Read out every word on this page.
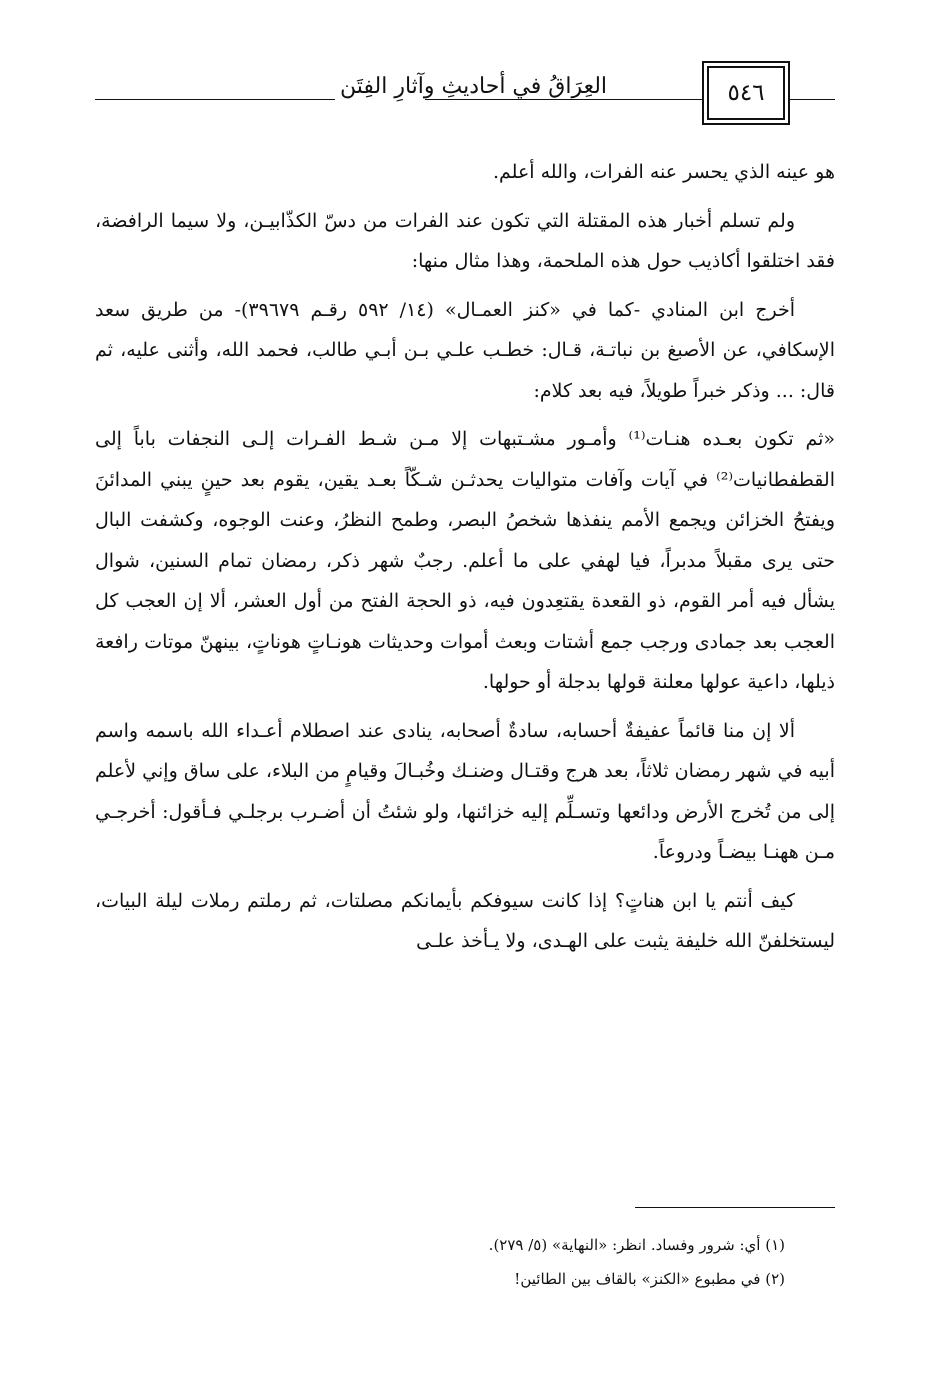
العِرَاقُ في أحاديثِ وآثارِ الفِتَن	٥٤٦

هو عينه الذي يحسر عنه الفرات، والله أعلم.

ولم تسلم أخبار هذه المقتلة التي تكون عند الفرات من دسّ الكذّابيـن، ولا سيما الرافضة، فقد اختلقوا أكاذيب حول هذه الملحمة، وهذا مثال منها:

أخرج ابن المنادي -كما في «كنز العمـال» (١٤/ ٥٩٢ رقـم ٣٩٦٧٩)- من طريق سعد الإسكافي، عن الأصبغ بن نباتـة، قـال: خطـب علـي بـن أبـي طالب، فحمد الله، وأثنى عليه، ثم قال: ... وذكر خبراً طويلاً، فيه بعد كلام:

«ثم تكون بعـده هنـات⁽¹⁾ وأمـور مشـتبهات إلا مـن شـط الفـرات إلـى النجفات باباً إلى القطفطانيات⁽²⁾ في آيات وآفات متواليات يحدثـن شـكّاً بعـد يقين، يقوم بعد حينٍ يبني المدائنَ ويفتحُ الخزائن ويجمع الأمم ينفذها شخصُ البصر، وطمح النظرُ، وعنت الوجوه، وكشفت البال حتى يرى مقبلاً مدبراً، فيا لهفي على ما أعلم. رجبٌ شهر ذكر، رمضان تمام السنين، شوال يشأل فيه أمر القوم، ذو القعدة يقتعِدون فيه، ذو الحجة الفتح من أول العشر، ألا إن العجب كل العجب بعد جمادى ورجب جمع أشتات وبعث أموات وحديثات هونـاتٍ هوناتٍ، بينهنّ موتات رافعة ذيلها، داعية عولها معلنة قولها بدجلة أو حولها.

ألا إن منا قائماً عفيفةٌ أحسابه، سادةٌ أصحابه، ينادى عند اصطلام أعـداء الله باسمه واسم أبيه في شهر رمضان ثلاثاً، بعد هرج وقتـال وضنـك وخُبـالَ وقيامٍ من البلاء، على ساق وإني لأعلم إلى من تُخرج الأرض ودائعها وتسـلِّم إليه خزائنها، ولو شئتُ أن أضـرب برجلـي فـأقول: أخرجـي مـن ههنـا بيضـاً ودروعاً.

كيف أنتم يا ابن هناتٍ؟ إذا كانت سيوفكم بأيمانكم مصلتات، ثم رملتم رملات ليلة البيات، ليستخلفنّ الله خليفة يثبت على الهـدى، ولا يـأخذ علـى

(١) أي: شرور وفساد. انظر: «النهاية» (٥/ ٢٧٩).

(٢) في مطبوع «الكنز» بالقاف بين الطائين!
